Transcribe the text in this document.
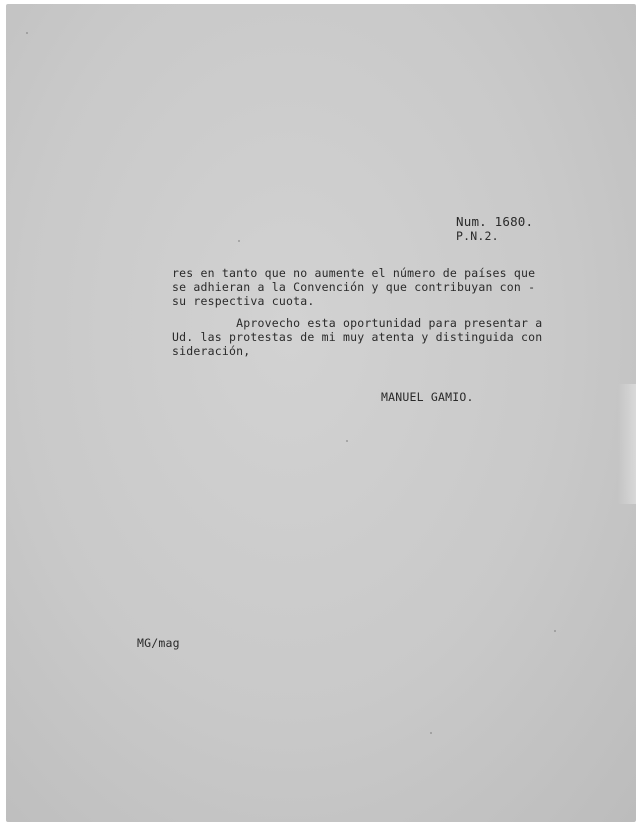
Num. 1680.
P.N.2.
res en tanto que no aumente el número de países que
se adhieran a la Convención y que contribuyan con -
su respectiva cuota.
Aprovecho esta oportunidad para presentar a
Ud. las protestas de mi muy atenta y distinguida con
sideración,
MANUEL GAMIO.
MG/mag
